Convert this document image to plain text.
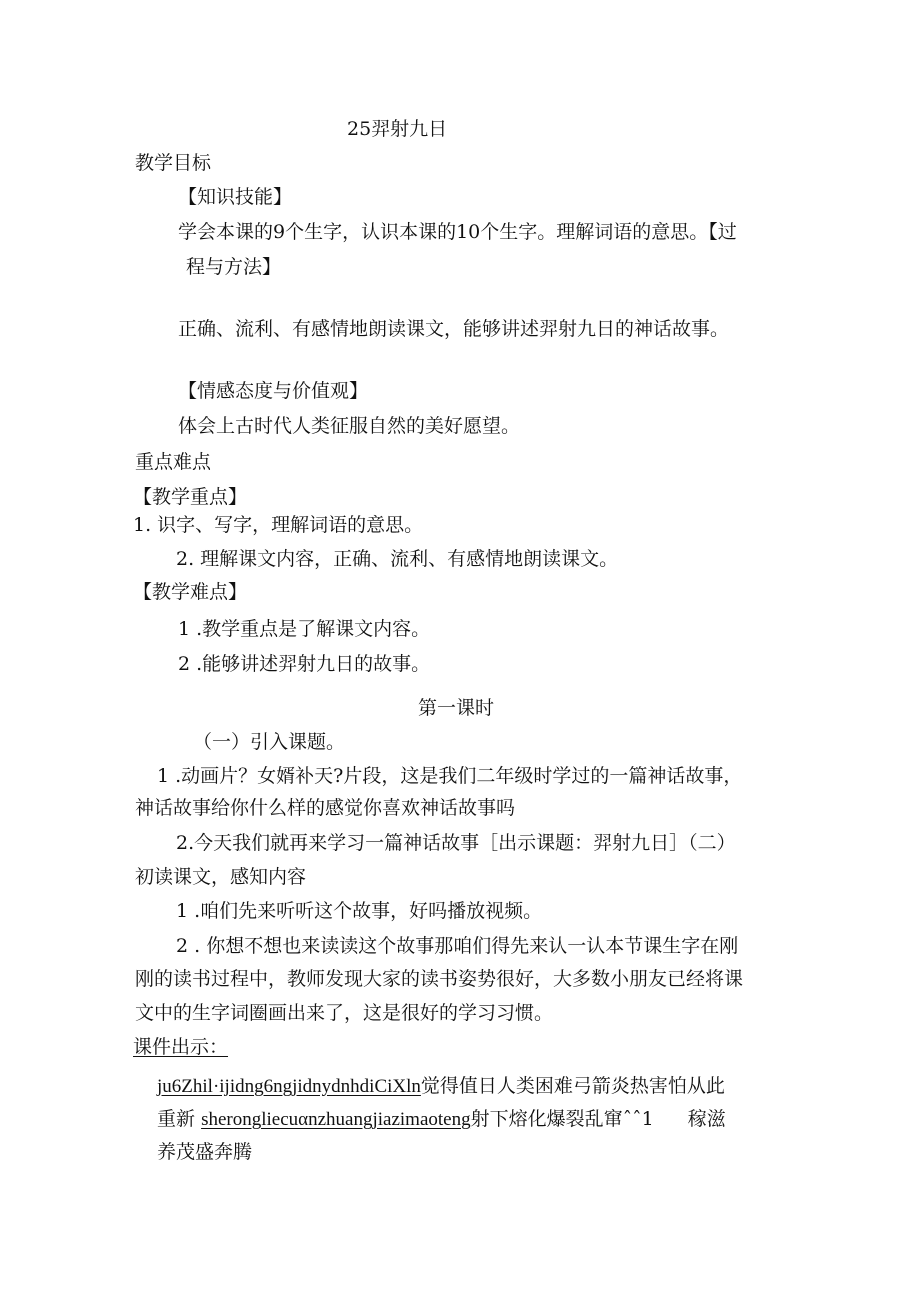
25羿射九日
教学目标
【知识技能】
学会本课的9个生字，认识本课的10个生字。理解词语的意思。【过
程与方法】
正确、流利、有感情地朗读课文，能够讲述羿射九日的神话故事。
【情感态度与价值观】
体会上古时代人类征服自然的美好愿望。
重点难点
【教学重点】
1. 识字、写字，理解词语的意思。
2. 理解课文内容，正确、流利、有感情地朗读课文。
【教学难点】
1 .教学重点是了解课文内容。
2 .能够讲述羿射九日的故事。
第一课时
（一）引入课题。
1 .动画片？女婿补天?片段，这是我们二年级时学过的一篇神话故事，
神话故事给你什么样的感觉你喜欢神话故事吗
2.今天我们就再来学习一篇神话故事［出示课题：羿射九日］（二）
初读课文，感知内容
1 .咱们先来听听这个故事，好吗播放视频。
2 . 你想不想也来读读这个故事那咱们得先来认一认本节课生字在刚
刚的读书过程中，教师发现大家的读书姿势很好，大多数小朋友已经将课
文中的生字词圈画出来了，这是很好的学习习惯。
课件出示：
ju6Zhil·ijidng6ngjidnydnhdiCiXln觉得值日人类困难弓箭炎热害怕从此
重新 sherongliecuαnzhuangjiazimaoteng射下熔化爆裂乱窜ˆˆ1 稼滋
养茂盛奔腾
